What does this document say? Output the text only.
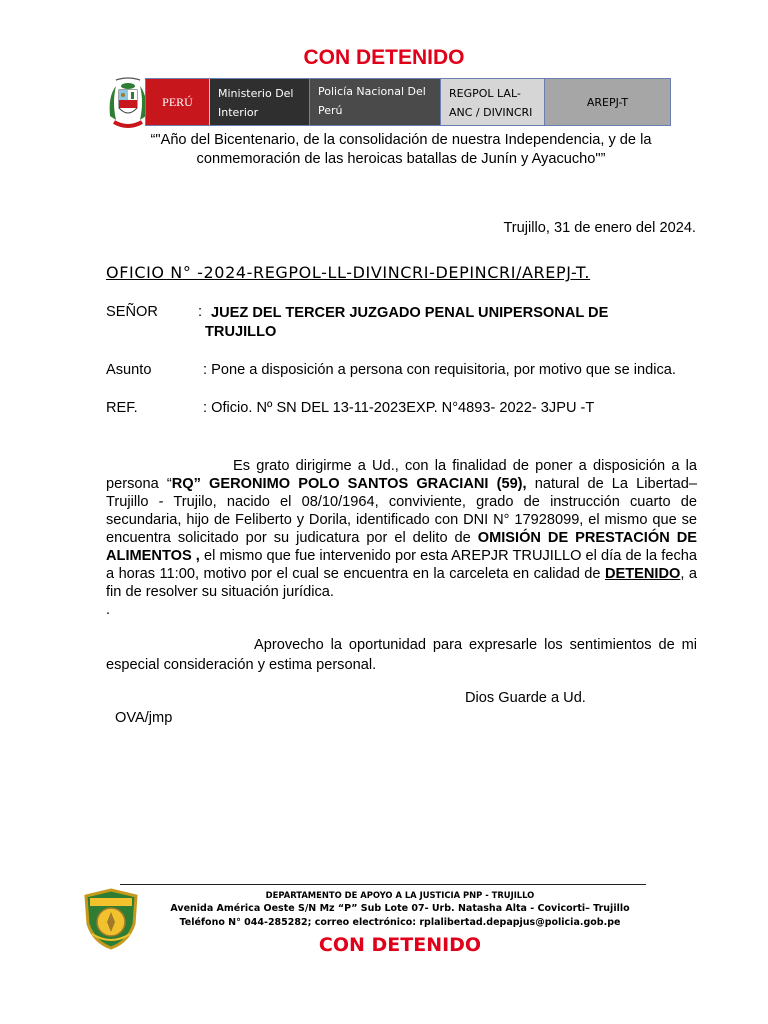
CON DETENIDO
PERÚ
Ministerio Del Interior
Policía Nacional Del Perú
REGPOL LAL-ANC / DIVINCRI
AREPJ-T
“"Año del Bicentenario, de la consolidación de nuestra Independencia, y de la conmemoración de las heroicas batallas de Junín y Ayacucho"”
Trujillo, 31 de enero del 2024.
OFICIO N° -2024-REGPOL-LL-DIVINCRI-DEPINCRI/AREPJ-T.
SEÑOR	: JUEZ DEL TERCER JUZGADO PENAL UNIPERSONAL DE TRUJILLO
Asunto	: Pone a disposición a persona con requisitoria, por motivo que se indica.
REF.	: Oficio. Nº SN DEL 13-11-2023EXP. N°4893- 2022- 3JPU -T

Es grato dirigirme a Ud., con la finalidad de poner a disposición a la persona “RQ” GERONIMO POLO SANTOS GRACIANI (59), natural de La Libertad–Trujillo - Trujilo, nacido el 08/10/1964, conviviente, grado de instrucción cuarto de secundaria, hijo de Feliberto y Dorila, identificado con DNI N° 17928099, el mismo que se encuentra solicitado por su judicatura por el delito de OMISIÓN DE PRESTACIÓN DE ALIMENTOS , el mismo que fue intervenido por esta AREPJR TRUJILLO el día de la fecha a horas 11:00, motivo por el cual se encuentra en la carceleta en calidad de DETENIDO, a fin de resolver su situación jurídica.

.

Aprovecho la oportunidad para expresarle los sentimientos de mi especial consideración y estima personal.
Dios Guarde a Ud.
OVA/jmp
DEPARTAMENTO DE APOYO A LA JUSTICIA PNP - TRUJILLO
Avenida América Oeste S/N Mz “P” Sub Lote 07- Urb. Natasha Alta - Covicorti– Trujillo
Teléfono N° 044-285282; correo electrónico: rplalibertad.depapjus@policia.gob.pe
CON DETENIDO
